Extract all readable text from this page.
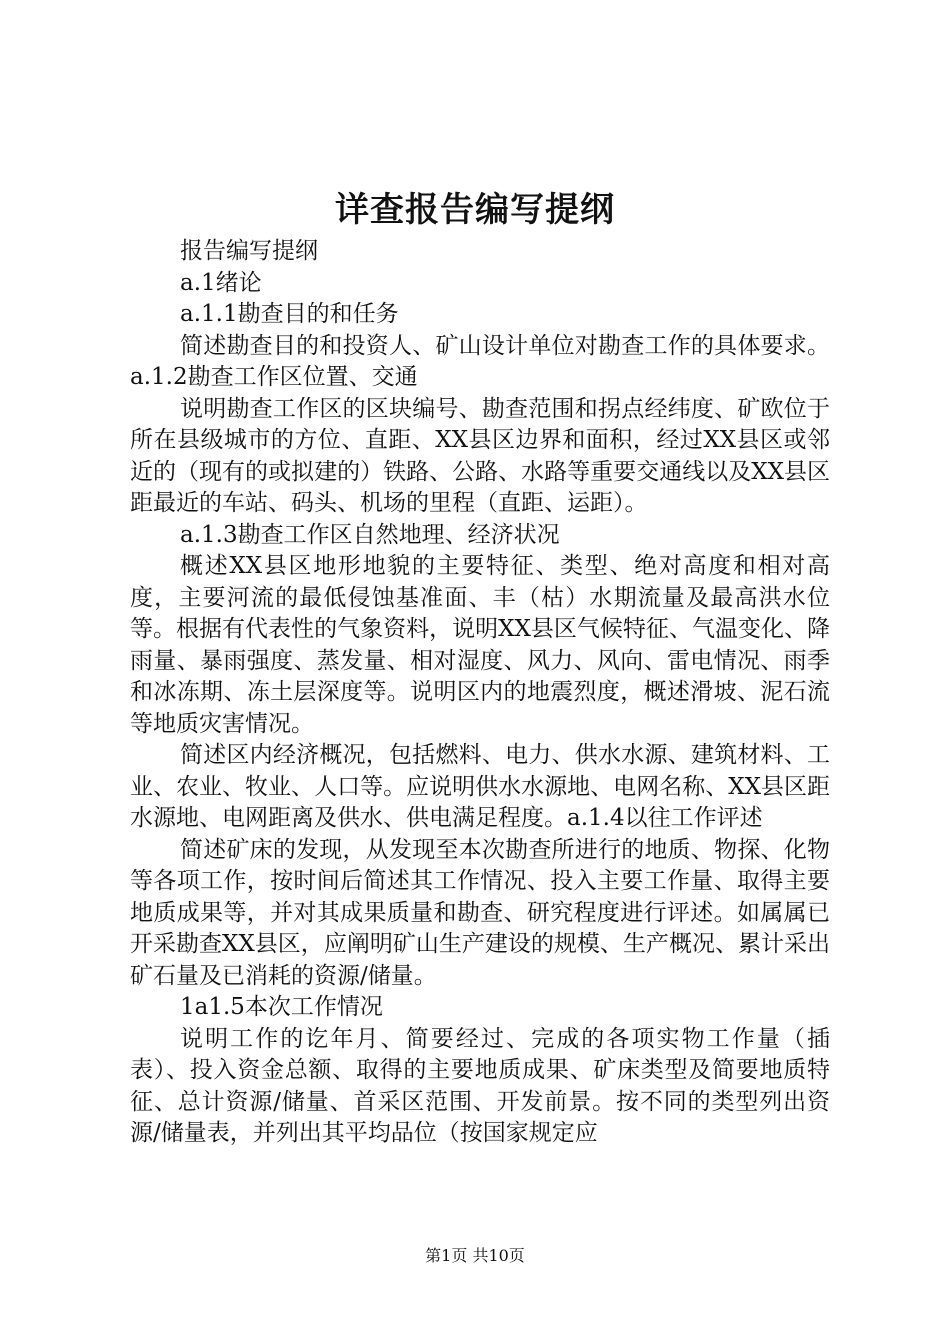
详查报告编写提纲

报告编写提纲

a.1绪论

a.1.1勘查目的和任务

简述勘查目的和投资人、矿山设计单位对勘查工作的具体要求。a.1.2勘查工作区位置、交通

说明勘查工作区的区块编号、勘查范围和拐点经纬度、矿欧位于所在县级城市的方位、直距、XX县区边界和面积，经过XX县区或邻近的（现有的或拟建的）铁路、公路、水路等重要交通线以及XX县区距最近的车站、码头、机场的里程（直距、运距）。

a.1.3勘查工作区自然地理、经济状况

概述XX县区地形地貌的主要特征、类型、绝对高度和相对高度，主要河流的最低侵蚀基准面、丰（枯）水期流量及最高洪水位等。根据有代表性的气象资料，说明XX县区气候特征、气温变化、降雨量、暴雨强度、蒸发量、相对湿度、风力、风向、雷电情况、雨季和冰冻期、冻土层深度等。说明区内的地震烈度，概述滑坡、泥石流等地质灾害情况。

简述区内经济概况，包括燃料、电力、供水水源、建筑材料、工业、农业、牧业、人口等。应说明供水水源地、电网名称、XX县区距水源地、电网距离及供水、供电满足程度。a.1.4以往工作评述

简述矿床的发现，从发现至本次勘查所进行的地质、物探、化物等各项工作，按时间后简述其工作情况、投入主要工作量、取得主要地质成果等，并对其成果质量和勘查、研究程度进行评述。如属属已开采勘查XX县区，应阐明矿山生产建设的规模、生产概况、累计采出矿石量及已消耗的资源/储量。

1a1.5本次工作情况

说明工作的讫年月、简要经过、完成的各项实物工作量（插表）、投入资金总额、取得的主要地质成果、矿床类型及简要地质特征、总计资源/储量、首采区范围、开发前景。按不同的类型列出资源/储量表，并列出其平均品位（按国家规定应

第1页 共10页
